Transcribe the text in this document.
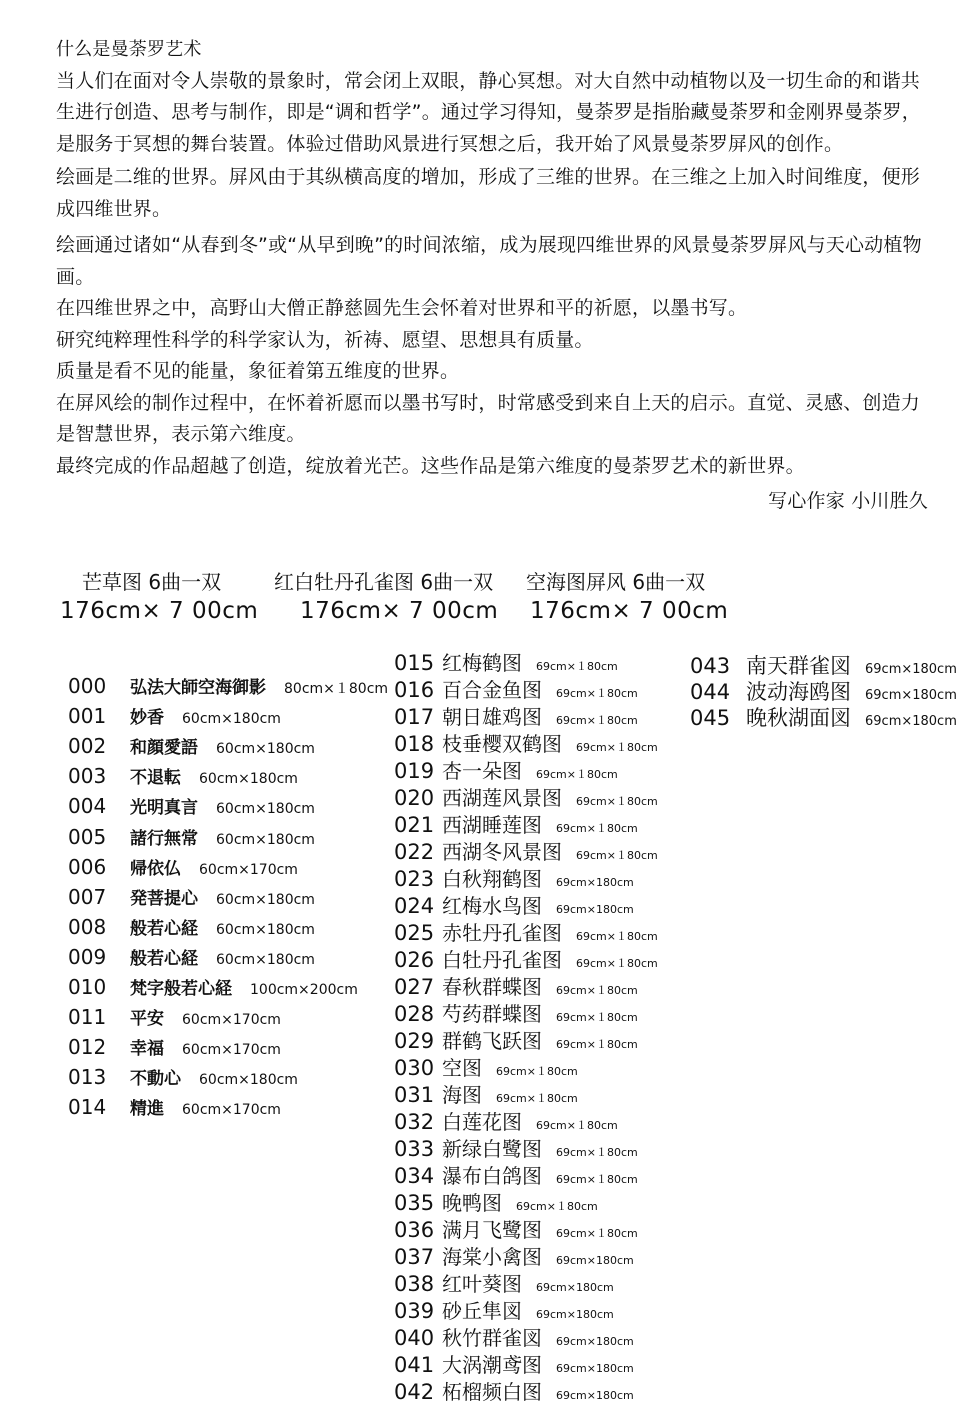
什么是曼荼罗艺术

当人们在面对令人崇敬的景象时，常会闭上双眼，静心冥想。对大自然中动植物以及一切生命的和谐共生进行创造、思考与制作，即是“调和哲学”。通过学习得知，曼荼罗是指胎藏曼荼罗和金刚界曼荼罗，是服务于冥想的舞台装置。体验过借助风景进行冥想之后，我开始了风景曼荼罗屏风的创作。

绘画是二维的世界。屏风由于其纵横高度的增加，形成了三维的世界。在三维之上加入时间维度，便形成四维世界。

绘画通过诸如“从春到冬”或“从早到晚”的时间浓缩，成为展现四维世界的风景曼荼罗屏风与天心动植物画。

在四维世界之中，高野山大僧正静慈圆先生会怀着对世界和平的祈愿，以墨书写。

研究纯粹理性科学的科学家认为，祈祷、愿望、思想具有质量。

质量是看不见的能量，象征着第五维度的世界。

在屏风绘的制作过程中，在怀着祈愿而以墨书写时，时常感受到来自上天的启示。直觉、灵感、创造力是智慧世界，表示第六维度。

最终完成的作品超越了创造，绽放着光芒。这些作品是第六维度的曼荼罗艺术的新世界。

写心作家 小川胜久

芒草图 6曲一双
176cm× 7 00cm
红白牡丹孔雀图 6曲一双
176cm× 7 00cm
空海图屏风 6曲一双
176cm× 7 00cm
000 弘法大師空海御影 80cm×１80cm
001 妙香 60cm×180cm
002 和顔愛語 60cm×180cm
003 不退転 60cm×180cm
004 光明真言 60cm×180cm
005 諸行無常 60cm×180cm
006 帰依仏 60cm×170cm
007 発菩提心 60cm×180cm
008 般若心経 60cm×180cm
009 般若心経 60cm×180cm
010 梵字般若心経 100cm×200cm
011 平安 60cm×170cm
012 幸福 60cm×170cm
013 不動心 60cm×180cm
014 精進 60cm×170cm
015 红梅鹤图 69cm×１80cm
016 百合金鱼图 69cm×１80cm
017 朝日雄鸡图 69cm×１80cm
018 枝垂樱双鹤图 69cm×１80cm
019 杏一朵图 69cm×１80cm
020 西湖莲风景图 69cm×１80cm
021 西湖睡莲图 69cm×１80cm
022 西湖冬风景图 69cm×１80cm
023 白秋翔鹤图 69cm×180cm
024 红梅水鸟图 69cm×180cm
025 赤牡丹孔雀图 69cm×１80cm
026 白牡丹孔雀图 69cm×１80cm
027 春秋群蝶图 69cm×１80cm
028 芍药群蝶图 69cm×１80cm
029 群鹤飞跃图 69cm×１80cm
030 空图 69cm×１80cm
031 海图 69cm×１80cm
032 白莲花图 69cm×１80cm
033 新绿白鹭图 69cm×１80cm
034 瀑布白鸽图 69cm×１80cm
035 晚鸭图 69cm×１80cm
036 满月飞鹭图 69cm×１80cm
037 海棠小禽图 69cm×180cm
038 红叶葵图 69cm×180cm
039 砂丘隼図 69cm×180cm
040 秋竹群雀図 69cm×180cm
041 大涡潮鸢图 69cm×180cm
042 柘榴频白图 69cm×180cm
043 南天群雀図 69cm×180cm
044 波动海鸥图 69cm×180cm
045 晚秋湖面図 69cm×180cm
